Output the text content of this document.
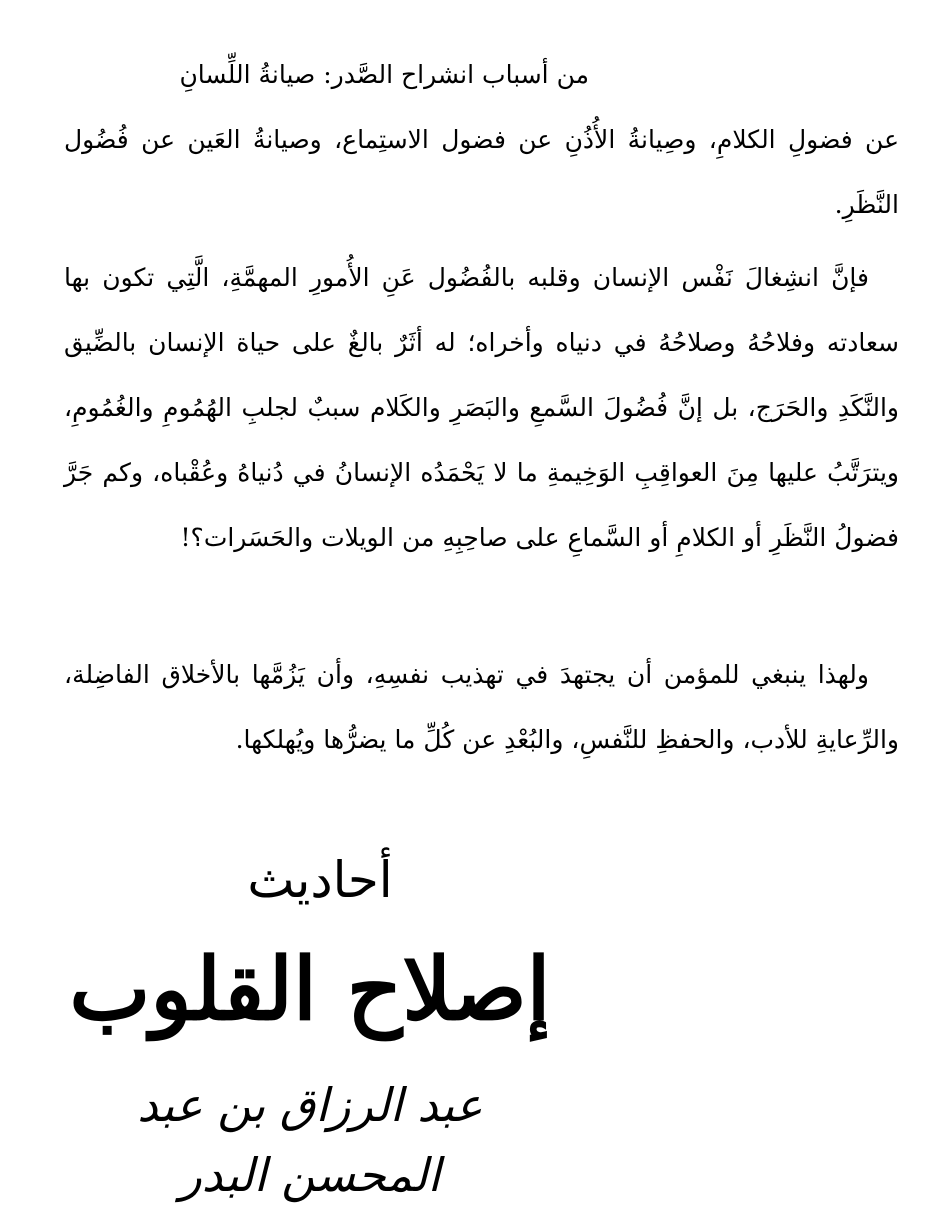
من أسباب انشراح الصَّدر: صيانةُ اللِّسانِ

عن فضولِ الكلامِ، وصِيانةُ الأُذُنِ عن فضول الاستِماع، وصيانةُ العَين عن فُضُول النَّظَرِ.

فإنَّ انشِغالَ نَفْس الإنسان وقلبه بالفُضُول عَنِ الأُمورِ المهمَّةِ، الَّتِي تكون بها سعادته وفلاحُهُ وصلاحُهُ في دنياه وأخراه؛ له أثَرٌ بالغٌ على حياة الإنسان بالضِّيق والنَّكَدِ والحَرَج، بل إنَّ فُضُولَ السَّمعِ والبَصَرِ والكَلام سببٌ لجلبِ الهُمُومِ والغُمُومِ، ويترَتَّبُ عليها مِنَ العواقِبِ الوَخِيمةِ ما لا يَحْمَدُه الإنسانُ في دُنياهُ وعُقْباه، وكم جَرَّ فضولُ النَّظَرِ أو الكلامِ أو السَّماعِ على صاحِبِهِ من الويلات والحَسَرات؟!

ولهذا ينبغي للمؤمن أن يجتهدَ في تهذيب نفسِهِ، وأن يَزُمَّها بالأخلاق الفاضِلة، والرِّعايةِ للأدب، والحفظِ للنَّفسِ، والبُعْدِ عن كُلِّ ما يضرُّها ويُهلكها.

أحاديث
إصلاح القلوب
عبد الرزاق بن عبد المحسن البدر
